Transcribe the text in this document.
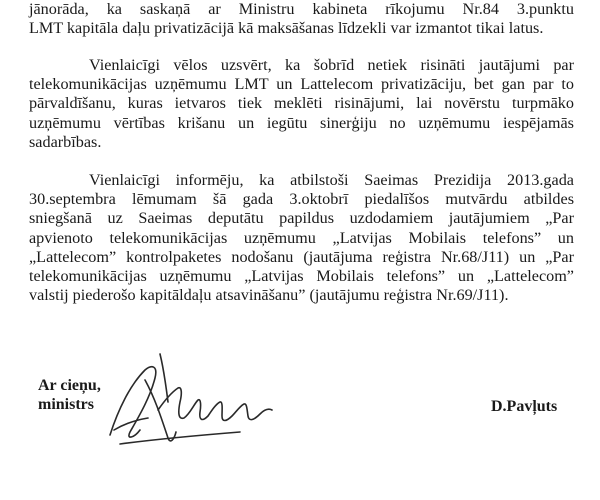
jānorāda, ka saskaņā ar Ministru kabineta rīkojumu Nr.84 3.punktu
LMT kapitāla daļu privatizācijā kā maksāšanas līdzekli var izmantot tikai latus.

Vienlaicīgi vēlos uzsvērt, ka šobrīd netiek risināti jautājumi par
telekomunikācijas uzņēmumu LMT un Lattelecom privatizāciju, bet gan par to
pārvaldīšanu, kuras ietvaros tiek meklēti risinājumi, lai novērstu turpmāko
uzņēmumu vērtības krišanu un iegūtu sinerģiju no uzņēmumu iespējamās
sadarbības.

Vienlaicīgi informēju, ka atbilstoši Saeimas Prezidija 2013.gada
30.septembra lēmumam šā gada 3.oktobrī piedalīšos mutvārdu atbildes
sniegšanā uz Saeimas deputātu papildus uzdodamiem jautājumiem „Par
apvienoto telekomunikācijas uzņēmumu „Latvijas Mobilais telefons” un
„Lattelecom” kontrolpaketes nodošanu (jautājuma reģistra Nr.68/J11) un „Par
telekomunikācijas uzņēmumu „Latvijas Mobilais telefons” un „Lattelecom”
valstij piederošo kapitāldaļu atsavināšanu” (jautājumu reģistra Nr.69/J11).

Ar cieņu,
ministrs	D.Pavļuts
